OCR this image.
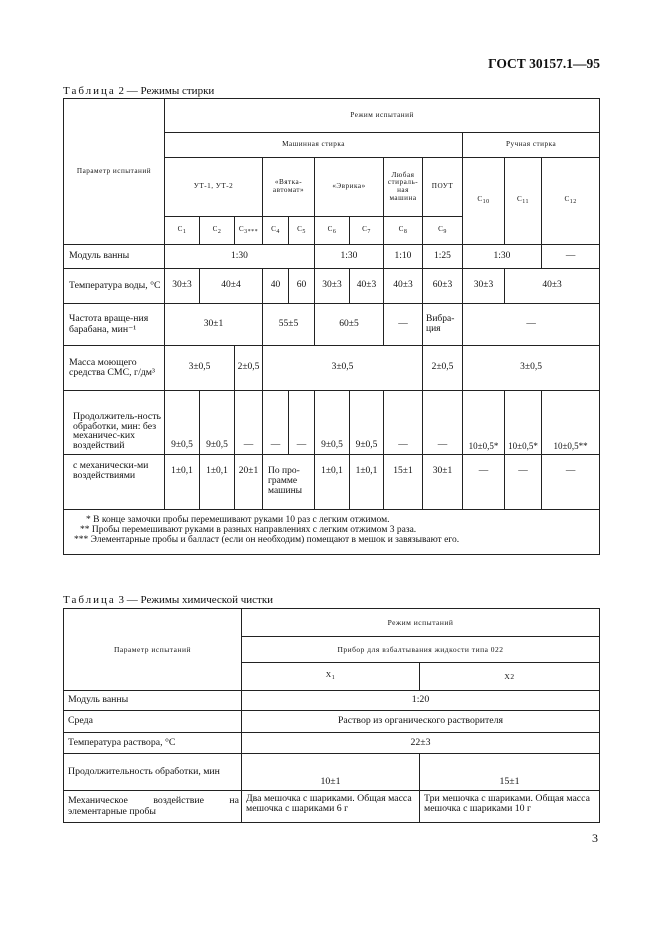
ГОСТ 30157.1—95
Таблица 2 — Режимы стирки
Параметр испытаний	Режим испытаний											
	Машинная стирка									Ручная стирка		
	УТ-1, УТ-2			«Вятка-автомат»		«Эврика»		Любая стираль-ная машина	ПОУТ	$С_{10}$	$С_{11}$	$С_{12}$
	$С_1$	$С_2$	$С_{3***}$	$С_4$	$С_5$	$С_6$	$С_7$	$С_8$	$С_9$
Модуль ванны	1:30					1:30		1:10	1:25	1:30		—
Температура воды, °С	30±3	40±4		40	60	30±3	40±3	40±3	60±3	30±3	40±3	
Частота враще-ния барабана, мин⁻¹	30±1			55±5		60±5		—	Вибра-ция	—		
Масса моющего средства СМС, г/дм³	3±0,5		2±0,5	3±0,5					2±0,5	3±0,5		
Продолжитель-ность обработки, мин: без механичес-ких воздействий	9±0,5	9±0,5	—	—	—	9±0,5	9±0,5	—	—	10±0,5*	10±0,5*	10±0,5**
с механически-ми воздействиями	1±0,1	1±0,1	20±1	По про-грамме машины		1±0,1	1±0,1	15±1	30±1	—	—	—

* В конце замочки пробы перемешивают руками 10 раз с легким отжимом.
** Пробы перемешивают руками в разных направлениях с легким отжимом 3 раза.
*** Элементарные пробы и балласт (если он необходим) помещают в мешок и завязывают его.												
Таблица 3 — Режимы химической чистки
Параметр испытаний	Режим испытаний	
	Прибор для взбалтывания жидкости типа 022	
	$Х_1$	Х2
Модуль ванны	1:20	
Среда	Раствор из органического растворителя	
Температура раствора, °С	22±3	
Продолжительность обработки, мин	10±1	15±1
Механическое воздействие на элементарные пробы	Два мешочка с шариками. Общая масса мешочка с шариками 6 г	Три мешочка с шариками. Общая масса мешочка с шариками 10 г
3
